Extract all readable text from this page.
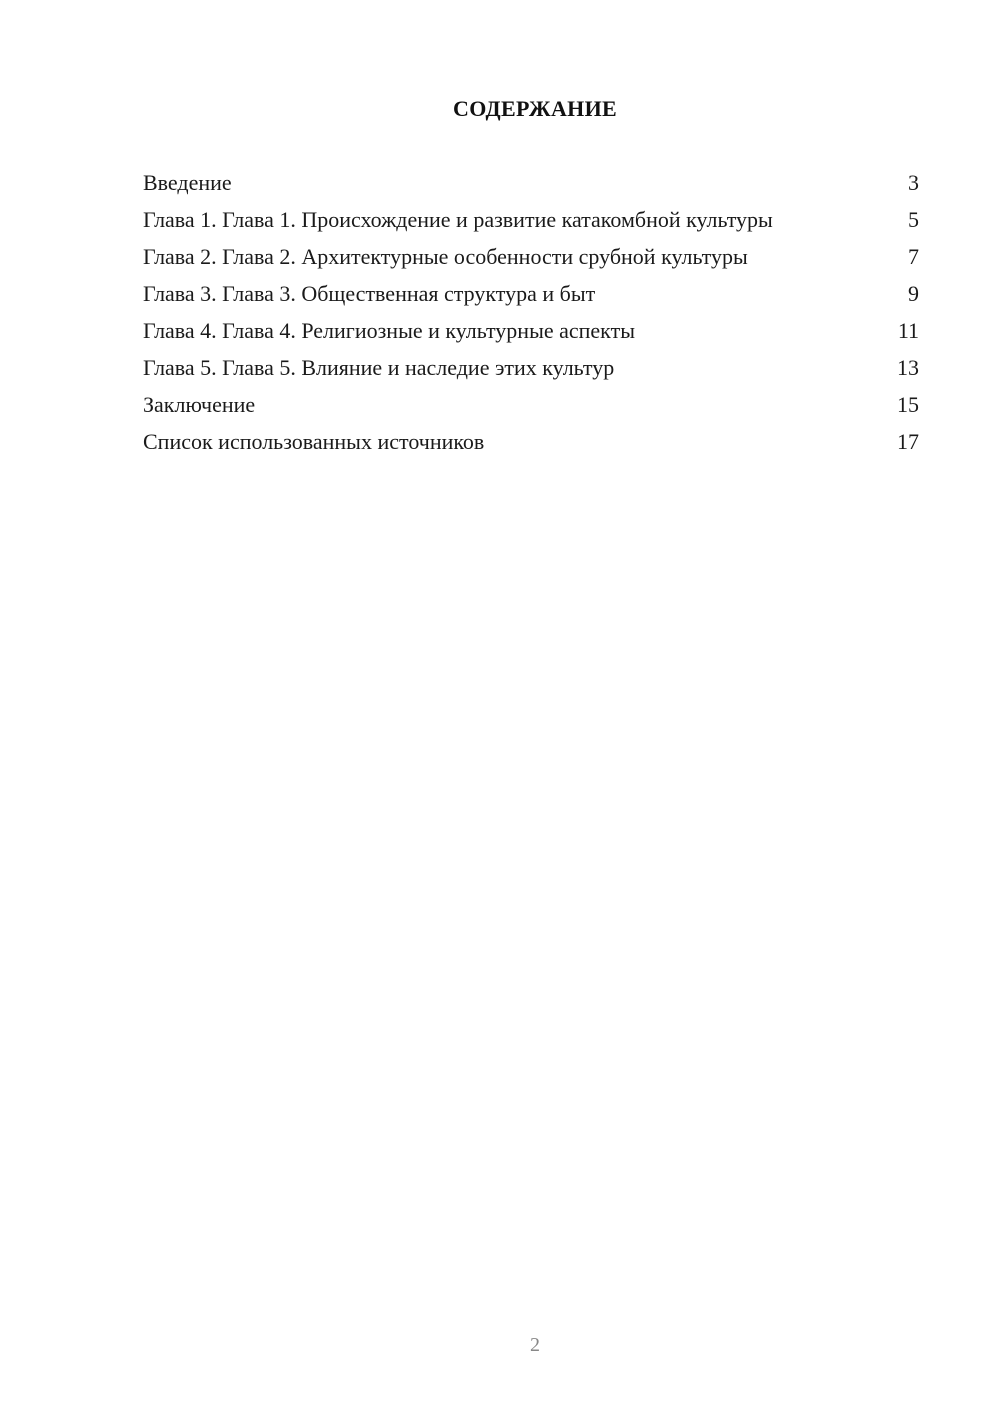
СОДЕРЖАНИЕ
Введение	3
Глава 1. Глава 1. Происхождение и развитие катакомбной культуры	5
Глава 2. Глава 2. Архитектурные особенности срубной культуры	7
Глава 3. Глава 3. Общественная структура и быт	9
Глава 4. Глава 4. Религиозные и культурные аспекты	11
Глава 5. Глава 5. Влияние и наследие этих культур	13
Заключение	15
Список использованных источников	17
2
